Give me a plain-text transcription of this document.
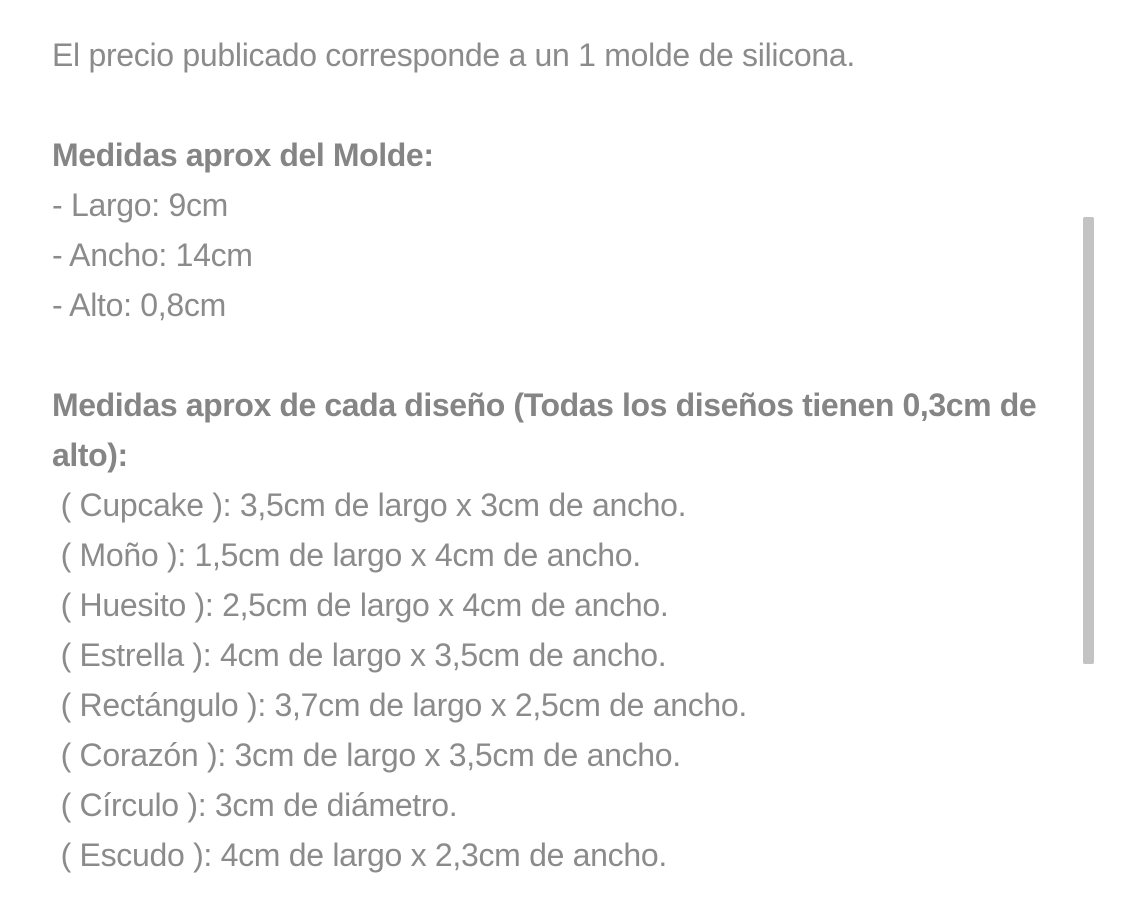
El precio publicado corresponde a un 1 molde de silicona.
Medidas aprox del Molde:
- Largo: 9cm
- Ancho: 14cm
- Alto: 0,8cm
Medidas aprox de cada diseño (Todas los diseños tienen 0,3cm de
alto):
( Cupcake ): 3,5cm de largo x 3cm de ancho.
( Moño ): 1,5cm de largo x 4cm de ancho.
( Huesito ): 2,5cm de largo x 4cm de ancho.
( Estrella ): 4cm de largo x 3,5cm de ancho.
( Rectángulo ): 3,7cm de largo x 2,5cm de ancho.
( Corazón ): 3cm de largo x 3,5cm de ancho.
( Círculo ): 3cm de diámetro.
( Escudo ): 4cm de largo x 2,3cm de ancho.
